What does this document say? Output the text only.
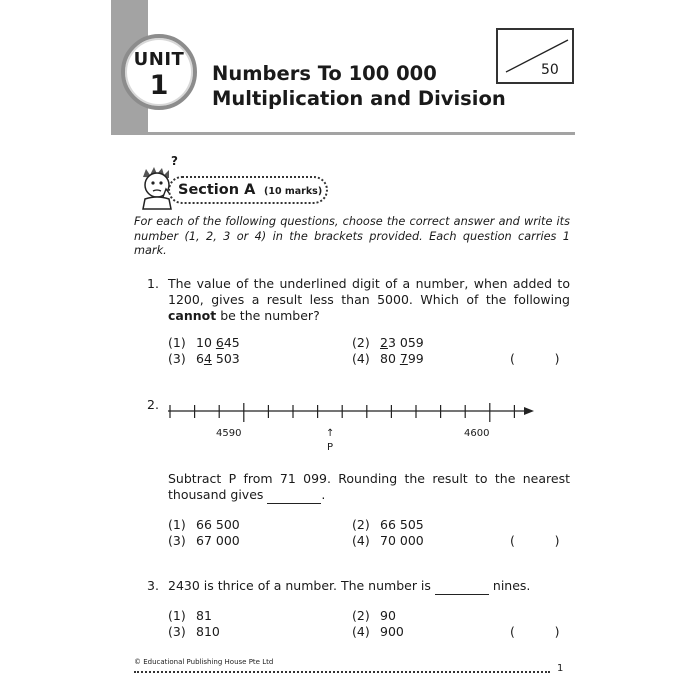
UNIT
1	Numbers To 100 000
Multiplication and Division
50
?
Section A (10 marks)
For each of the following questions, choose the correct answer and write its number (1, 2, 3 or 4) in the brackets provided. Each question carries 1 mark.
1. The value of the underlined digit of a number, when added to 1200, gives a result less than 5000. Which of the following cannot be the number?
(1) 10 645	(2) 23 059
(3) 64 503	(4) 80 799	(          )
2.
4590	4600
↑
P
Subtract P from 71 099. Rounding the result to the nearest thousand gives	.
(1) 66 500	(2) 66 505
(3) 67 000	(4) 70 000	(          )
3. 2430 is thrice of a number. The number is	nines.
(1) 81	(2) 90
(3) 810	(4) 900	(          )
© Educational Publishing House Pte Ltd
1
